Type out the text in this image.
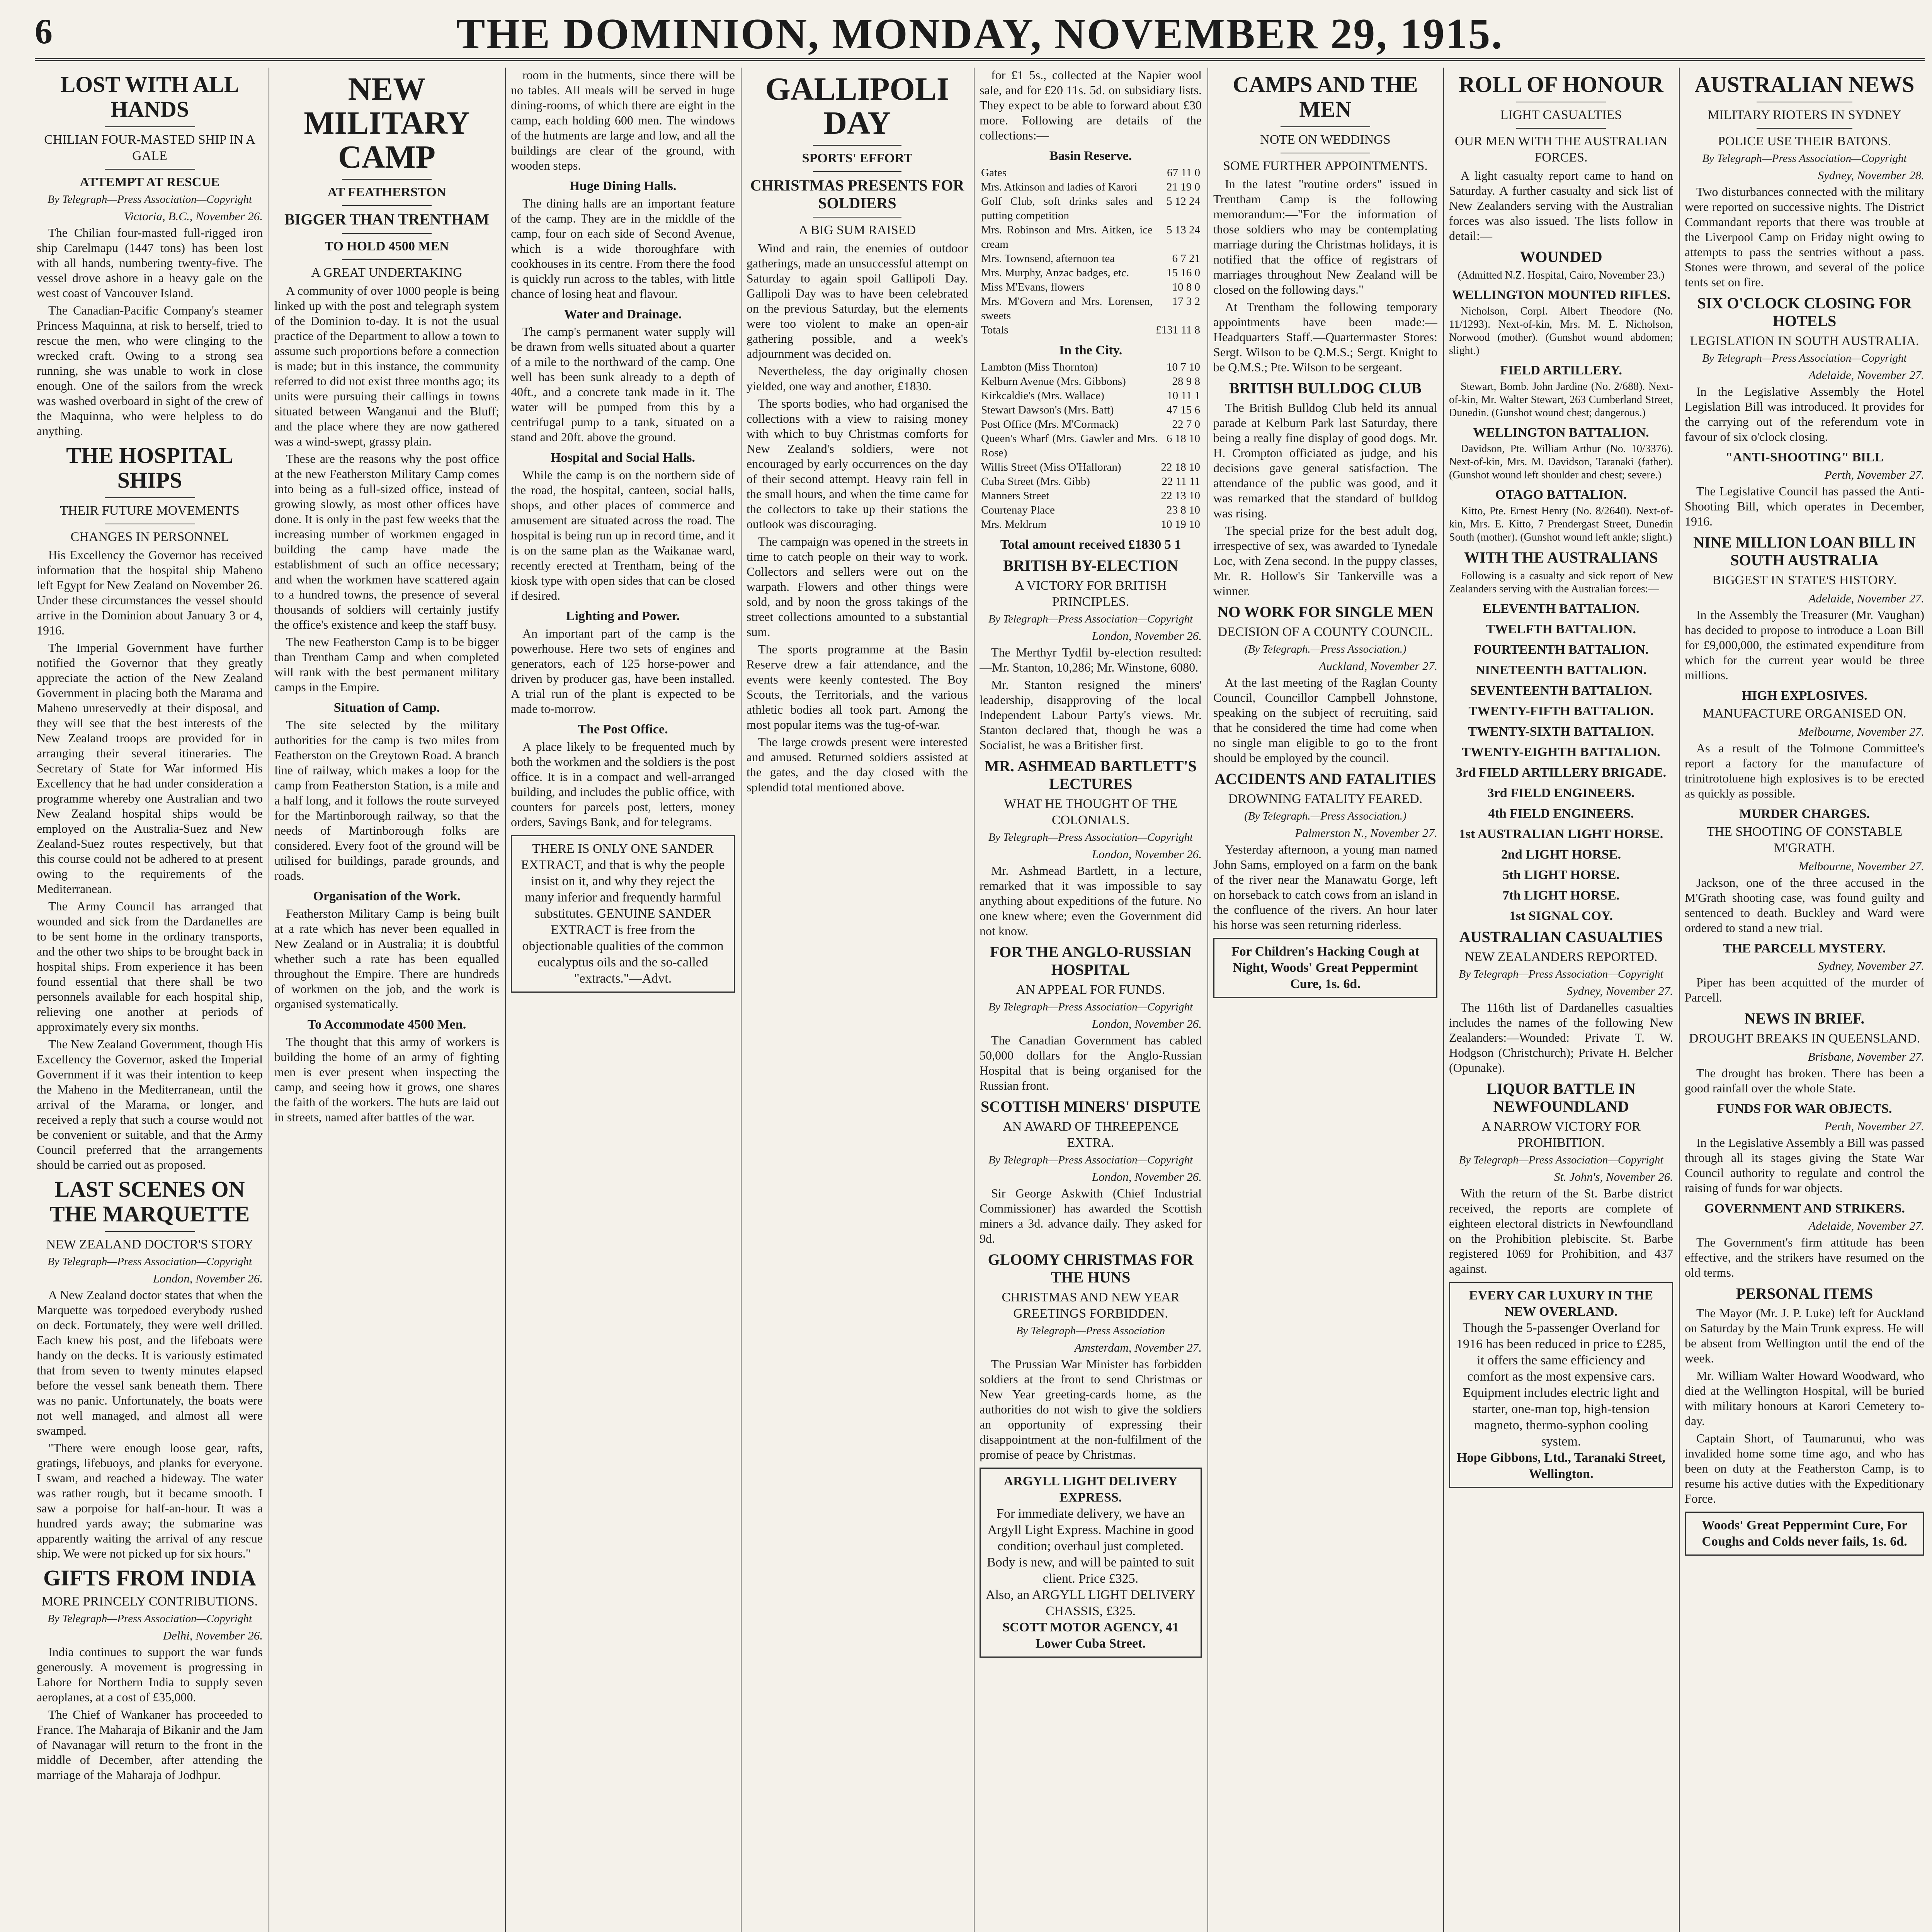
6	THE DOMINION, MONDAY, NOVEMBER 29, 1915.
LOST WITH ALL HANDS
CHILIAN FOUR-MASTED SHIP IN A GALE
ATTEMPT AT RESCUE
By Telegraph—Press Association—Copyright
Victoria, B.C., November 26.

The Chilian four-masted full-rigged iron ship Carelmapu (1447 tons) has been lost with all hands, numbering twenty-five. The vessel drove ashore in a heavy gale on the west coast of Vancouver Island.

The Canadian-Pacific Company's steamer Princess Maquinna, at risk to herself, tried to rescue the men, who were clinging to the wrecked craft. Owing to a strong sea running, she was unable to work in close enough. One of the sailors from the wreck was washed overboard in sight of the crew of the Maquinna, who were helpless to do anything.

THE HOSPITAL SHIPS
THEIR FUTURE MOVEMENTS
CHANGES IN PERSONNEL

His Excellency the Governor has received information that the hospital ship Maheno left Egypt for New Zealand on November 26. Under these circumstances the vessel should arrive in the Dominion about January 3 or 4, 1916.

The Imperial Government have further notified the Governor that they greatly appreciate the action of the New Zealand Government in placing both the Marama and Maheno unreservedly at their disposal, and they will see that the best interests of the New Zealand troops are provided for in arranging their several itineraries. The Secretary of State for War informed His Excellency that he had under consideration a programme whereby one Australian and two New Zealand hospital ships would be employed on the Australia-Suez and New Zealand-Suez routes respectively, but that this course could not be adhered to at present owing to the requirements of the Mediterranean.

The Army Council has arranged that wounded and sick from the Dardanelles are to be sent home in the ordinary transports, and the other two ships to be brought back in hospital ships. From experience it has been found essential that there shall be two personnels available for each hospital ship, relieving one another at periods of approximately every six months.

The New Zealand Government, though His Excellency the Governor, asked the Imperial Government if it was their intention to keep the Maheno in the Mediterranean, until the arrival of the Marama, or longer, and received a reply that such a course would not be convenient or suitable, and that the Army Council preferred that the arrangements should be carried out as proposed.

LAST SCENES ON THE MARQUETTE
NEW ZEALAND DOCTOR'S STORY
By Telegraph—Press Association—Copyright
London, November 26.

A New Zealand doctor states that when the Marquette was torpedoed everybody rushed on deck. Fortunately, they were well drilled. Each knew his post, and the lifeboats were handy on the decks. It is variously estimated that from seven to twenty minutes elapsed before the vessel sank beneath them. There was no panic. Unfortunately, the boats were not well managed, and almost all were swamped.

"There were enough loose gear, rafts, gratings, lifebuoys, and planks for everyone. I swam, and reached a hideway. The water was rather rough, but it became smooth. I saw a porpoise for half-an-hour. It was a hundred yards away; the submarine was apparently waiting the arrival of any rescue ship. We were not picked up for six hours."

GIFTS FROM INDIA
MORE PRINCELY CONTRIBUTIONS.
By Telegraph—Press Association—Copyright
Delhi, November 26.

India continues to support the war funds generously. A movement is progressing in Lahore for Northern India to supply seven aeroplanes, at a cost of £35,000.

The Chief of Wankaner has proceeded to France. The Maharaja of Bikanir and the Jam of Navanagar will return to the front in the middle of December, after attending the marriage of the Maharaja of Jodhpur.

NEW MILITARY CAMP
AT FEATHERSTON
BIGGER THAN TRENTHAM
TO HOLD 4500 MEN
A GREAT UNDERTAKING

A community of over 1000 people is being linked up with the post and telegraph system of the Dominion to-day. It is not the usual practice of the Department to allow a town to assume such proportions before a connection is made; but in this instance, the community referred to did not exist three months ago; its units were pursuing their callings in towns situated between Wanganui and the Bluff; and the place where they are now gathered was a wind-swept, grassy plain.

These are the reasons why the post office at the new Featherston Military Camp comes into being as a full-sized office, instead of growing slowly, as most other offices have done. It is only in the past few weeks that the increasing number of workmen engaged in building the camp have made the establishment of such an office necessary; and when the workmen have scattered again to a hundred towns, the presence of several thousands of soldiers will certainly justify the office's existence and keep the staff busy.

The new Featherston Camp is to be bigger than Trentham Camp and when completed will rank with the best permanent military camps in the Empire.

Situation of Camp.

The site selected by the military authorities for the camp is two miles from Featherston on the Greytown Road. A branch line of railway, which makes a loop for the camp from Featherston Station, is a mile and a half long, and it follows the route surveyed for the Martinborough railway, so that the needs of Martinborough folks are considered. Every foot of the ground will be utilised for buildings, parade grounds, and roads.

Organisation of the Work.

Featherston Military Camp is being built at a rate which has never been equalled in New Zealand or in Australia; it is doubtful whether such a rate has been equalled throughout the Empire. There are hundreds of workmen on the job, and the work is organised systematically.

To Accommodate 4500 Men.

The thought that this army of workers is building the home of an army of fighting men is ever present when inspecting the camp, and seeing how it grows, one shares the faith of the workers. The huts are laid out in streets, named after battles of the war.

room in the hutments, since there will be no tables. All meals will be served in huge dining-rooms, of which there are eight in the camp, each holding 600 men. The windows of the hutments are large and low, and all the buildings are clear of the ground, with wooden steps.

Huge Dining Halls.

The dining halls are an important feature of the camp. They are in the middle of the camp, four on each side of Second Avenue, which is a wide thoroughfare with cookhouses in its centre. From there the food is quickly run across to the tables, with little chance of losing heat and flavour.

Water and Drainage.

The camp's permanent water supply will be drawn from wells situated about a quarter of a mile to the northward of the camp. One well has been sunk already to a depth of 40ft., and a concrete tank made in it. The water will be pumped from this by a centrifugal pump to a tank, situated on a stand and 20ft. above the ground.

Hospital and Social Halls.

While the camp is on the northern side of the road, the hospital, canteen, social halls, shops, and other places of commerce and amusement are situated across the road. The hospital is being run up in record time, and it is on the same plan as the Waikanae ward, recently erected at Trentham, being of the kiosk type with open sides that can be closed if desired.

Lighting and Power.

An important part of the camp is the powerhouse. Here two sets of engines and generators, each of 125 horse-power and driven by producer gas, have been installed. A trial run of the plant is expected to be made to-morrow.

The Post Office.

A place likely to be frequented much by both the workmen and the soldiers is the post office. It is in a compact and well-arranged building, and includes the public office, with counters for parcels post, letters, money orders, Savings Bank, and for telegrams.

THERE IS ONLY ONE SANDER EXTRACT, and that is why the people insist on it, and why they reject the many inferior and frequently harmful substitutes. GENUINE SANDER EXTRACT is free from the objectionable qualities of the common eucalyptus oils and the so-called "extracts."—Advt.
GALLIPOLI DAY
SPORTS' EFFORT
CHRISTMAS PRESENTS FOR SOLDIERS
A BIG SUM RAISED

Wind and rain, the enemies of outdoor gatherings, made an unsuccessful attempt on Saturday to again spoil Gallipoli Day. Gallipoli Day was to have been celebrated on the previous Saturday, but the elements were too violent to make an open-air gathering possible, and a week's adjournment was decided on.

Nevertheless, the day originally chosen yielded, one way and another, £1830.

The sports bodies, who had organised the collections with a view to raising money with which to buy Christmas comforts for New Zealand's soldiers, were not encouraged by early occurrences on the day of their second attempt. Heavy rain fell in the small hours, and when the time came for the collectors to take up their stations the outlook was discouraging.

The campaign was opened in the streets in time to catch people on their way to work. Collectors and sellers were out on the warpath. Flowers and other things were sold, and by noon the gross takings of the street collections amounted to a substantial sum.

The sports programme at the Basin Reserve drew a fair attendance, and the events were keenly contested. The Boy Scouts, the Territorials, and the various athletic bodies all took part. Among the most popular items was the tug-of-war.

The large crowds present were interested and amused. Returned soldiers assisted at the gates, and the day closed with the splendid total mentioned above.

for £1 5s., collected at the Napier wool sale, and for £20 11s. 5d. on subsidiary lists. They expect to be able to forward about £30 more. Following are details of the collections:—

Basin Reserve.
Gates	67 11 0
Mrs. Atkinson and ladies of Karori	21 19 0
Golf Club, soft drinks sales and putting competition	5 12 24
Mrs. Robinson and Mrs. Aitken, ice cream	5 13 24
Mrs. Townsend, afternoon tea	6 7 21
Mrs. Murphy, Anzac badges, etc.	15 16 0
Miss M'Evans, flowers	10 8 0
Mrs. M'Govern and Mrs. Lorensen, sweets	17 3 2
Totals	£131 11 8
In the City.
Lambton (Miss Thornton)	10 7 10
Kelburn Avenue (Mrs. Gibbons)	28 9 8
Kirkcaldie's (Mrs. Wallace)	10 11 1
Stewart Dawson's (Mrs. Batt)	47 15 6
Post Office (Mrs. M'Cormack)	22 7 0
Queen's Wharf (Mrs. Gawler and Mrs. Rose)	6 18 10
Willis Street (Miss O'Halloran)	22 18 10
Cuba Street (Mrs. Gibb)	22 11 11
Manners Street	22 13 10
Courtenay Place	23 8 10
Mrs. Meldrum	10 19 10
Total amount received £1830 5 1
BRITISH BY-ELECTION
A VICTORY FOR BRITISH PRINCIPLES.
By Telegraph—Press Association—Copyright
London, November 26.

The Merthyr Tydfil by-election resulted:—Mr. Stanton, 10,286; Mr. Winstone, 6080.

Mr. Stanton resigned the miners' leadership, disapproving of the local Independent Labour Party's views. Mr. Stanton declared that, though he was a Socialist, he was a Britisher first.

MR. ASHMEAD BARTLETT'S LECTURES
WHAT HE THOUGHT OF THE COLONIALS.
By Telegraph—Press Association—Copyright
London, November 26.

Mr. Ashmead Bartlett, in a lecture, remarked that it was impossible to say anything about expeditions of the future. No one knew where; even the Government did not know.

FOR THE ANGLO-RUSSIAN HOSPITAL
AN APPEAL FOR FUNDS.
By Telegraph—Press Association—Copyright
London, November 26.

The Canadian Government has cabled 50,000 dollars for the Anglo-Russian Hospital that is being organised for the Russian front.

SCOTTISH MINERS' DISPUTE
AN AWARD OF THREEPENCE EXTRA.
By Telegraph—Press Association—Copyright
London, November 26.

Sir George Askwith (Chief Industrial Commissioner) has awarded the Scottish miners a 3d. advance daily. They asked for 9d.

GLOOMY CHRISTMAS FOR THE HUNS
CHRISTMAS AND NEW YEAR GREETINGS FORBIDDEN.
By Telegraph—Press Association
Amsterdam, November 27.

The Prussian War Minister has forbidden soldiers at the front to send Christmas or New Year greeting-cards home, as the authorities do not wish to give the soldiers an opportunity of expressing their disappointment at the non-fulfilment of the promise of peace by Christmas.

ARGYLL LIGHT DELIVERY EXPRESS.
For immediate delivery, we have an Argyll Light Express. Machine in good condition; overhaul just completed. Body is new, and will be painted to suit client. Price £325.
Also, an ARGYLL LIGHT DELIVERY CHASSIS, £325.
SCOTT MOTOR AGENCY, 41 Lower Cuba Street.
CAMPS AND THE MEN
NOTE ON WEDDINGS
SOME FURTHER APPOINTMENTS.

In the latest "routine orders" issued in Trentham Camp is the following memorandum:—"For the information of those soldiers who may be contemplating marriage during the Christmas holidays, it is notified that the office of registrars of marriages throughout New Zealand will be closed on the following days."

At Trentham the following temporary appointments have been made:— Headquarters Staff.—Quartermaster Stores: Sergt. Wilson to be Q.M.S.; Sergt. Knight to be Q.M.S.; Pte. Wilson to be sergeant.

BRITISH BULLDOG CLUB

The British Bulldog Club held its annual parade at Kelburn Park last Saturday, there being a really fine display of good dogs. Mr. H. Crompton officiated as judge, and his decisions gave general satisfaction. The attendance of the public was good, and it was remarked that the standard of bulldog was rising.

The special prize for the best adult dog, irrespective of sex, was awarded to Tynedale Loc, with Zena second. In the puppy classes, Mr. R. Hollow's Sir Tankerville was a winner.

NO WORK FOR SINGLE MEN
DECISION OF A COUNTY COUNCIL.
(By Telegraph.—Press Association.)
Auckland, November 27.

At the last meeting of the Raglan County Council, Councillor Campbell Johnstone, speaking on the subject of recruiting, said that he considered the time had come when no single man eligible to go to the front should be employed by the council.

ACCIDENTS AND FATALITIES
DROWNING FATALITY FEARED.
(By Telegraph.—Press Association.)
Palmerston N., November 27.

Yesterday afternoon, a young man named John Sams, employed on a farm on the bank of the river near the Manawatu Gorge, left on horseback to catch cows from an island in the confluence of the rivers. An hour later his horse was seen returning riderless.

For Children's Hacking Cough at Night, Woods' Great Peppermint Cure, 1s. 6d.
ROLL OF HONOUR
LIGHT CASUALTIES
OUR MEN WITH THE AUSTRALIAN FORCES.

A light casualty report came to hand on Saturday. A further casualty and sick list of New Zealanders serving with the Australian forces was also issued. The lists follow in detail:—

WOUNDED
(Admitted N.Z. Hospital, Cairo, November 23.)
WELLINGTON MOUNTED RIFLES.

Nicholson, Corpl. Albert Theodore (No. 11/1293). Next-of-kin, Mrs. M. E. Nicholson, Norwood (mother). (Gunshot wound abdomen; slight.)

FIELD ARTILLERY.

Stewart, Bomb. John Jardine (No. 2/688). Next-of-kin, Mr. Walter Stewart, 263 Cumberland Street, Dunedin. (Gunshot wound chest; dangerous.)

WELLINGTON BATTALION.

Davidson, Pte. William Arthur (No. 10/3376). Next-of-kin, Mrs. M. Davidson, Taranaki (father). (Gunshot wound left shoulder and chest; severe.)

OTAGO BATTALION.

Kitto, Pte. Ernest Henry (No. 8/2640). Next-of-kin, Mrs. E. Kitto, 7 Prendergast Street, Dunedin South (mother). (Gunshot wound left ankle; slight.)

WITH THE AUSTRALIANS

Following is a casualty and sick report of New Zealanders serving with the Australian forces:—

ELEVENTH BATTALION.
TWELFTH BATTALION.
FOURTEENTH BATTALION.
NINETEENTH BATTALION.
SEVENTEENTH BATTALION.
TWENTY-FIFTH BATTALION.
TWENTY-SIXTH BATTALION.
TWENTY-EIGHTH BATTALION.
3rd FIELD ARTILLERY BRIGADE.
3rd FIELD ENGINEERS.
4th FIELD ENGINEERS.
1st AUSTRALIAN LIGHT HORSE.
2nd LIGHT HORSE.
5th LIGHT HORSE.
7th LIGHT HORSE.
1st SIGNAL COY.
AUSTRALIAN CASUALTIES
NEW ZEALANDERS REPORTED.
By Telegraph—Press Association—Copyright
Sydney, November 27.

The 116th list of Dardanelles casualties includes the names of the following New Zealanders:—Wounded: Private T. W. Hodgson (Christchurch); Private H. Belcher (Opunake).

LIQUOR BATTLE IN NEWFOUNDLAND
A NARROW VICTORY FOR PROHIBITION.
By Telegraph—Press Association—Copyright
St. John's, November 26.

With the return of the St. Barbe district received, the reports are complete of eighteen electoral districts in Newfoundland on the Prohibition plebiscite. St. Barbe registered 1069 for Prohibition, and 437 against.

EVERY CAR LUXURY IN THE NEW OVERLAND.
Though the 5-passenger Overland for 1916 has been reduced in price to £285, it offers the same efficiency and comfort as the most expensive cars. Equipment includes electric light and starter, one-man top, high-tension magneto, thermo-syphon cooling system.
Hope Gibbons, Ltd., Taranaki Street, Wellington.
AUSTRALIAN NEWS
MILITARY RIOTERS IN SYDNEY
POLICE USE THEIR BATONS.
By Telegraph—Press Association—Copyright
Sydney, November 28.

Two disturbances connected with the military were reported on successive nights. The District Commandant reports that there was trouble at the Liverpool Camp on Friday night owing to attempts to pass the sentries without a pass. Stones were thrown, and several of the police tents set on fire.

SIX O'CLOCK CLOSING FOR HOTELS
LEGISLATION IN SOUTH AUSTRALIA.
By Telegraph—Press Association—Copyright
Adelaide, November 27.

In the Legislative Assembly the Hotel Legislation Bill was introduced. It provides for the carrying out of the referendum vote in favour of six o'clock closing.

"ANTI-SHOOTING" BILL
Perth, November 27.

The Legislative Council has passed the Anti-Shooting Bill, which operates in December, 1916.

NINE MILLION LOAN BILL IN SOUTH AUSTRALIA
BIGGEST IN STATE'S HISTORY.
Adelaide, November 27.

In the Assembly the Treasurer (Mr. Vaughan) has decided to propose to introduce a Loan Bill for £9,000,000, the estimated expenditure from which for the current year would be three millions.

HIGH EXPLOSIVES.
MANUFACTURE ORGANISED ON.
Melbourne, November 27.

As a result of the Tolmone Committee's report a factory for the manufacture of trinitrotoluene high explosives is to be erected as quickly as possible.

MURDER CHARGES.
THE SHOOTING OF CONSTABLE M'GRATH.
Melbourne, November 27.

Jackson, one of the three accused in the M'Grath shooting case, was found guilty and sentenced to death. Buckley and Ward were ordered to stand a new trial.

THE PARCELL MYSTERY.
Sydney, November 27.

Piper has been acquitted of the murder of Parcell.

NEWS IN BRIEF.
DROUGHT BREAKS IN QUEENSLAND.
Brisbane, November 27.

The drought has broken. There has been a good rainfall over the whole State.

FUNDS FOR WAR OBJECTS.
Perth, November 27.

In the Legislative Assembly a Bill was passed through all its stages giving the State War Council authority to regulate and control the raising of funds for war objects.

GOVERNMENT AND STRIKERS.
Adelaide, November 27.

The Government's firm attitude has been effective, and the strikers have resumed on the old terms.

PERSONAL ITEMS

The Mayor (Mr. J. P. Luke) left for Auckland on Saturday by the Main Trunk express. He will be absent from Wellington until the end of the week.

Mr. William Walter Howard Woodward, who died at the Wellington Hospital, will be buried with military honours at Karori Cemetery to-day.

Captain Short, of Taumarunui, who was invalided home some time ago, and who has been on duty at the Featherston Camp, is to resume his active duties with the Expeditionary Force.

Woods' Great Peppermint Cure, For Coughs and Colds never fails, 1s. 6d.
